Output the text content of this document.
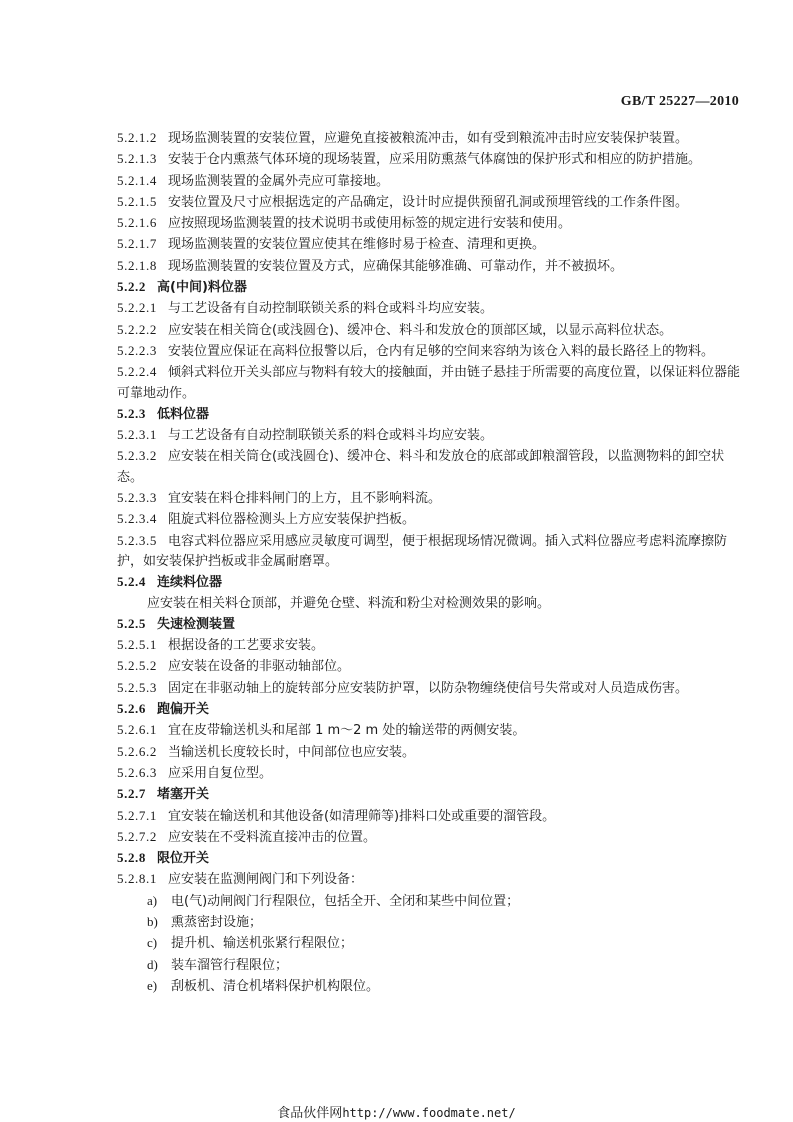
GB/T 25227—2010
5.2.1.2 现场监测装置的安装位置，应避免直接被粮流冲击，如有受到粮流冲击时应安装保护装置。
5.2.1.3 安装于仓内熏蒸气体环境的现场装置，应采用防熏蒸气体腐蚀的保护形式和相应的防护措施。
5.2.1.4 现场监测装置的金属外壳应可靠接地。
5.2.1.5 安装位置及尺寸应根据选定的产品确定，设计时应提供预留孔洞或预埋管线的工作条件图。
5.2.1.6 应按照现场监测装置的技术说明书或使用标签的规定进行安装和使用。
5.2.1.7 现场监测装置的安装位置应使其在维修时易于检查、清理和更换。
5.2.1.8 现场监测装置的安装位置及方式，应确保其能够准确、可靠动作，并不被损坏。
5.2.2 高(中间)料位器
5.2.2.1 与工艺设备有自动控制联锁关系的料仓或料斗均应安装。
5.2.2.2 应安装在相关筒仓(或浅圆仓)、缓冲仓、料斗和发放仓的顶部区域，以显示高料位状态。
5.2.2.3 安装位置应保证在高料位报警以后，仓内有足够的空间来容纳为该仓入料的最长路径上的物料。
5.2.2.4 倾斜式料位开关头部应与物料有较大的接触面，并由链子悬挂于所需要的高度位置，以保证料位器能可靠地动作。
5.2.3 低料位器
5.2.3.1 与工艺设备有自动控制联锁关系的料仓或料斗均应安装。
5.2.3.2 应安装在相关筒仓(或浅圆仓)、缓冲仓、料斗和发放仓的底部或卸粮溜管段，以监测物料的卸空状态。
5.2.3.3 宜安装在料仓排料闸门的上方，且不影响料流。
5.2.3.4 阻旋式料位器检测头上方应安装保护挡板。
5.2.3.5 电容式料位器应采用感应灵敏度可调型，便于根据现场情况微调。插入式料位器应考虑料流摩擦防护，如安装保护挡板或非金属耐磨罩。
5.2.4 连续料位器
应安装在相关料仓顶部，并避免仓壁、料流和粉尘对检测效果的影响。
5.2.5 失速检测装置
5.2.5.1 根据设备的工艺要求安装。
5.2.5.2 应安装在设备的非驱动轴部位。
5.2.5.3 固定在非驱动轴上的旋转部分应安装防护罩，以防杂物缠绕使信号失常或对人员造成伤害。
5.2.6 跑偏开关
5.2.6.1 宜在皮带输送机头和尾部 1 m～2 m 处的输送带的两侧安装。
5.2.6.2 当输送机长度较长时，中间部位也应安装。
5.2.6.3 应采用自复位型。
5.2.7 堵塞开关
5.2.7.1 宜安装在输送机和其他设备(如清理筛等)排料口处或重要的溜管段。
5.2.7.2 应安装在不受料流直接冲击的位置。
5.2.8 限位开关
5.2.8.1 应安装在监测闸阀门和下列设备：
a) 电(气)动闸阀门行程限位，包括全开、全闭和某些中间位置；
b) 熏蒸密封设施；
c) 提升机、输送机张紧行程限位；
d) 装车溜管行程限位；
e) 刮板机、清仓机堵料保护机构限位。
食品伙伴网http://www.foodmate.net/
